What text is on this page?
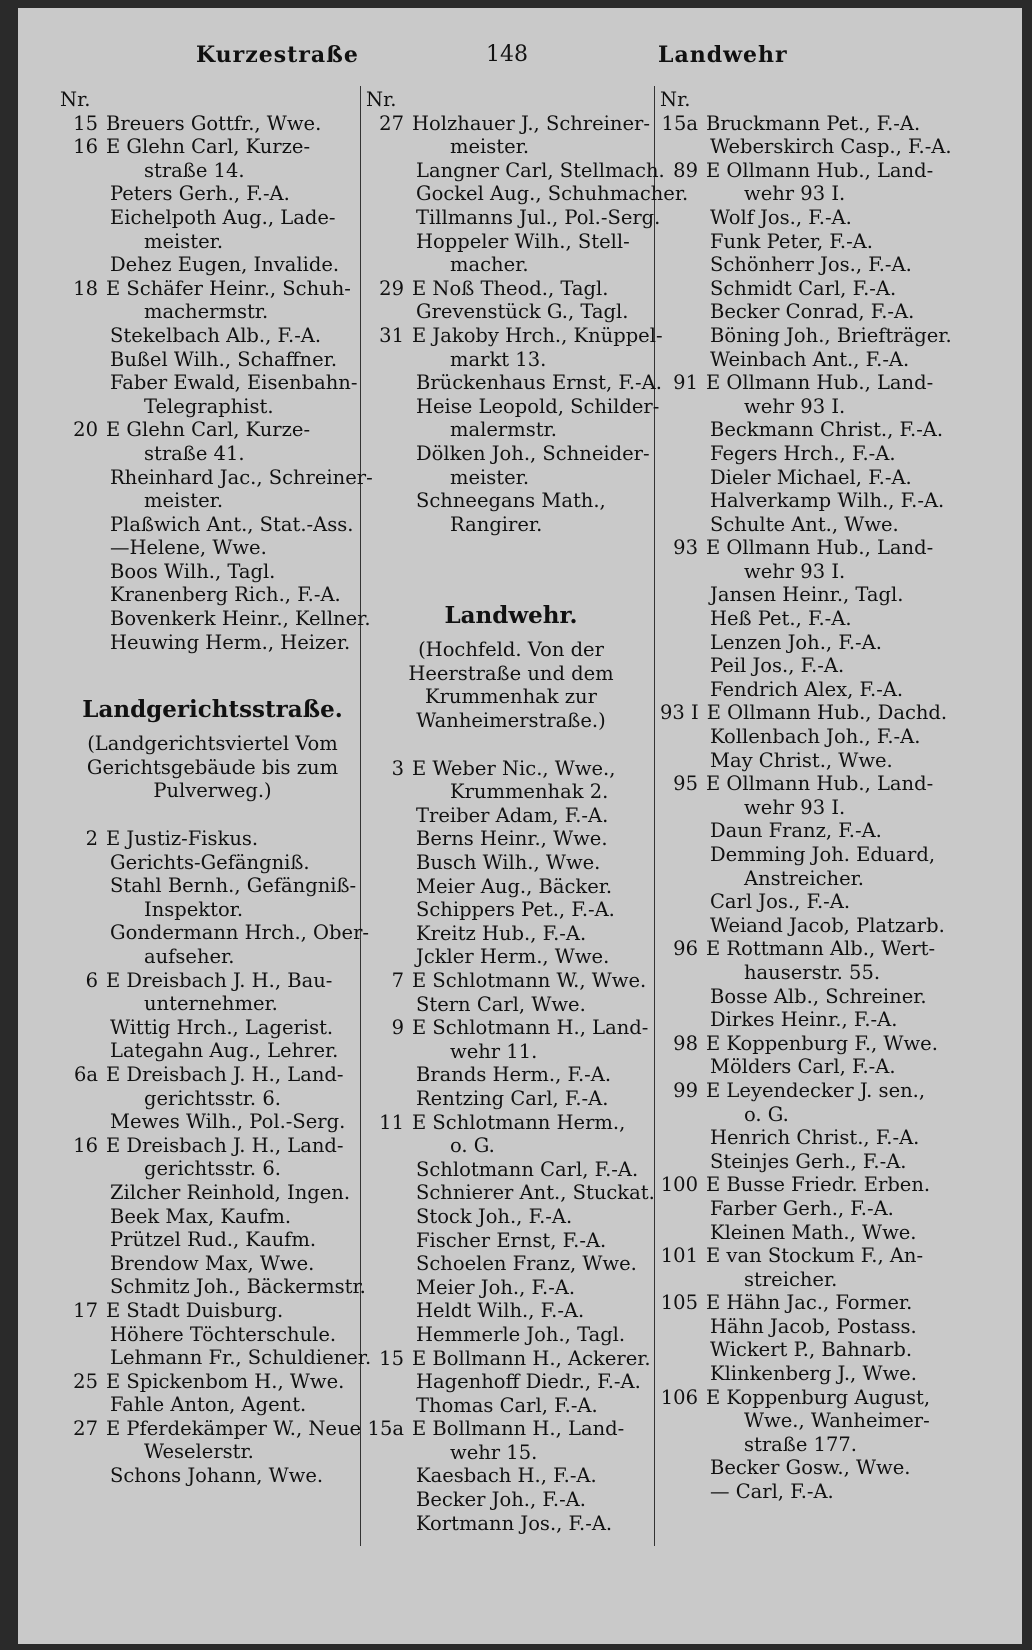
Kurzestraße	148	Landwehr
Nr.
15 Breuers Gottfr., Wwe.
16 E Glehn Carl, Kurze-
straße 14.
Peters Gerh., F.-A.
Eichelpoth Aug., Lade-
meister.
Dehez Eugen, Invalide.
18 E Schäfer Heinr., Schuh-
machermstr.
Stekelbach Alb., F.-A.
Bußel Wilh., Schaffner.
Faber Ewald, Eisenbahn-
Telegraphist.
20 E Glehn Carl, Kurze-
straße 41.
Rheinhard Jac., Schreiner-
meister.
Plaßwich Ant., Stat.-Ass.
—Helene, Wwe.
Boos Wilh., Tagl.
Kranenberg Rich., F.-A.
Bovenkerk Heinr., Kellner.
Heuwing Herm., Heizer.
Landgerichtsstraße.
(Landgerichtsviertel Vom Gerichtsgebäude bis zum Pulverweg.)
2 E Justiz-Fiskus.
Gerichts-Gefängniß.
Stahl Bernh., Gefängniß-
Inspektor.
Gondermann Hrch., Ober-
aufseher.
6 E Dreisbach J. H., Bau-
unternehmer.
Wittig Hrch., Lagerist.
Lategahn Aug., Lehrer.
6a E Dreisbach J. H., Land-
gerichtsstr. 6.
Mewes Wilh., Pol.-Serg.
16 E Dreisbach J. H., Land-
gerichtsstr. 6.
Zilcher Reinhold, Ingen.
Beek Max, Kaufm.
Prützel Rud., Kaufm.
Brendow Max, Wwe.
Schmitz Joh., Bäckermstr.
17 E Stadt Duisburg.
Höhere Töchterschule.
Lehmann Fr., Schuldiener.
25 E Spickenbom H., Wwe.
Fahle Anton, Agent.
27 E Pferdekämper W., Neue
Weselerstr.
Schons Johann, Wwe.
Nr.
27 Holzhauer J., Schreiner-
meister.
Langner Carl, Stellmach.
Gockel Aug., Schuhmacher.
Tillmanns Jul., Pol.-Serg.
Hoppeler Wilh., Stell-
macher.
29 E Noß Theod., Tagl.
Grevenstück G., Tagl.
31 E Jakoby Hrch., Knüppel-
markt 13.
Brückenhaus Ernst, F.-A.
Heise Leopold, Schilder-
malermstr.
Dölken Joh., Schneider-
meister.
Schneegans Math.,
Rangirer.
Landwehr.
(Hochfeld. Von der Heerstraße und dem Krummenhak zur Wanheimerstraße.)
3 E Weber Nic., Wwe.,
Krummenhak 2.
Treiber Adam, F.-A.
Berns Heinr., Wwe.
Busch Wilh., Wwe.
Meier Aug., Bäcker.
Schippers Pet., F.-A.
Kreitz Hub., F.-A.
Jckler Herm., Wwe.
7 E Schlotmann W., Wwe.
Stern Carl, Wwe.
9 E Schlotmann H., Land-
wehr 11.
Brands Herm., F.-A.
Rentzing Carl, F.-A.
11 E Schlotmann Herm.,
o. G.
Schlotmann Carl, F.-A.
Schnierer Ant., Stuckat.
Stock Joh., F.-A.
Fischer Ernst, F.-A.
Schoelen Franz, Wwe.
Meier Joh., F.-A.
Heldt Wilh., F.-A.
Hemmerle Joh., Tagl.
15 E Bollmann H., Ackerer.
Hagenhoff Diedr., F.-A.
Thomas Carl, F.-A.
15a E Bollmann H., Land-
wehr 15.
Kaesbach H., F.-A.
Becker Joh., F.-A.
Kortmann Jos., F.-A.
Nr.
15a Bruckmann Pet., F.-A.
Weberskirch Casp., F.-A.
89 E Ollmann Hub., Land-
wehr 93 I.
Wolf Jos., F.-A.
Funk Peter, F.-A.
Schönherr Jos., F.-A.
Schmidt Carl, F.-A.
Becker Conrad, F.-A.
Böning Joh., Briefträger.
Weinbach Ant., F.-A.
91 E Ollmann Hub., Land-
wehr 93 I.
Beckmann Christ., F.-A.
Fegers Hrch., F.-A.
Dieler Michael, F.-A.
Halverkamp Wilh., F.-A.
Schulte Ant., Wwe.
93 E Ollmann Hub., Land-
wehr 93 I.
Jansen Heinr., Tagl.
Heß Pet., F.-A.
Lenzen Joh., F.-A.
Peil Jos., F.-A.
Fendrich Alex, F.-A.
93 I E Ollmann Hub., Dachd.
Kollenbach Joh., F.-A.
May Christ., Wwe.
95 E Ollmann Hub., Land-
wehr 93 I.
Daun Franz, F.-A.
Demming Joh. Eduard,
Anstreicher.
Carl Jos., F.-A.
Weiand Jacob, Platzarb.
96 E Rottmann Alb., Wert-
hauserstr. 55.
Bosse Alb., Schreiner.
Dirkes Heinr., F.-A.
98 E Koppenburg F., Wwe.
Mölders Carl, F.-A.
99 E Leyendecker J. sen.,
o. G.
Henrich Christ., F.-A.
Steinjes Gerh., F.-A.
100 E Busse Friedr. Erben.
Farber Gerh., F.-A.
Kleinen Math., Wwe.
101 E van Stockum F., An-
streicher.
105 E Hähn Jac., Former.
Hähn Jacob, Postass.
Wickert P., Bahnarb.
Klinkenberg J., Wwe.
106 E Koppenburg August,
Wwe., Wanheimer-
straße 177.
Becker Gosw., Wwe.
— Carl, F.-A.
